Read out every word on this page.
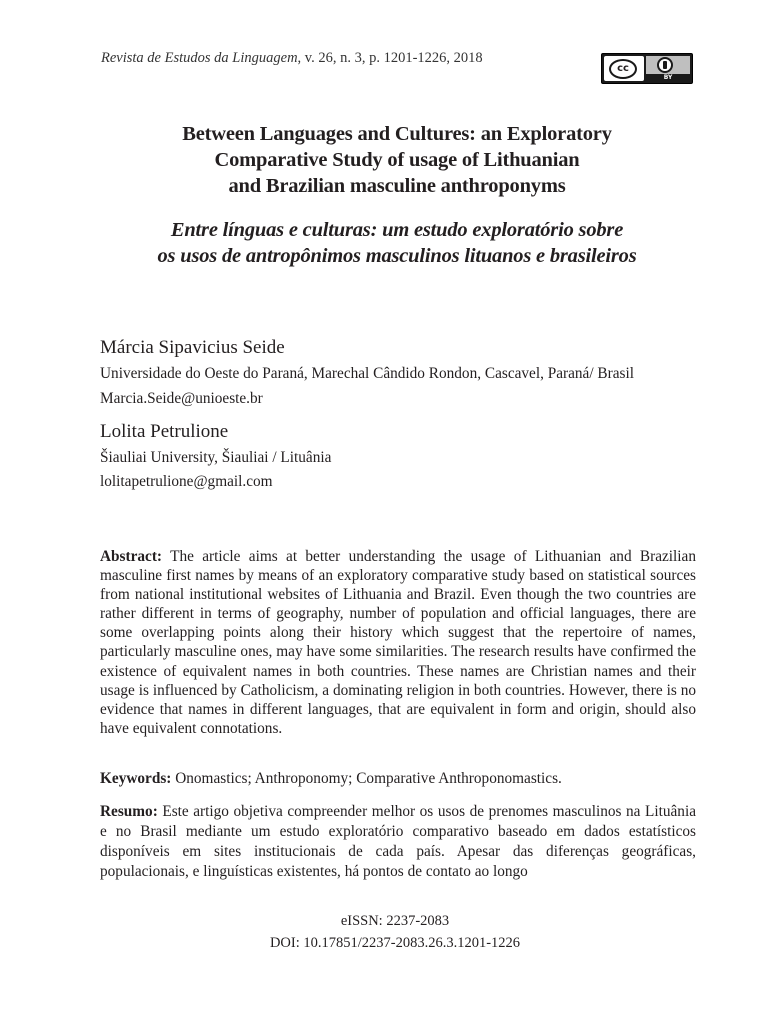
Revista de Estudos da Linguagem, v. 26, n. 3, p. 1201-1226, 2018
cc
BY
Between Languages and Cultures: an Exploratory
Comparative Study of usage of Lithuanian
and Brazilian masculine anthroponyms
Entre línguas e culturas: um estudo exploratório sobre
os usos de antropônimos masculinos lituanos e brasileiros

Márcia Sipavicius Seide

Universidade do Oeste do Paraná, Marechal Cândido Rondon, Cascavel, Paraná/ Brasil

Marcia.Seide@unioeste.br

Lolita Petrulione

Šiauliai University, Šiauliai / Lituânia

lolitapetrulione@gmail.com

Abstract: The article aims at better understanding the usage of Lithuanian and Brazilian masculine first names by means of an exploratory comparative study based on statistical sources from national institutional websites of Lithuania and Brazil. Even though the two countries are rather different in terms of geography, number of population and official languages, there are some overlapping points along their history which suggest that the repertoire of names, particularly masculine ones, may have some similarities. The research results have confirmed the existence of equivalent names in both countries. These names are Christian names and their usage is influenced by Catholicism, a dominating religion in both countries. However, there is no evidence that names in different languages, that are equivalent in form and origin, should also have equivalent connotations.

Keywords: Onomastics; Anthroponomy; Comparative Anthroponomastics.

Resumo: Este artigo objetiva compreender melhor os usos de prenomes masculinos na Lituânia e no Brasil mediante um estudo exploratório comparativo baseado em dados estatísticos disponíveis em sites institucionais de cada país. Apesar das diferenças geográficas, populacionais, e linguísticas existentes, há pontos de contato ao longo

eISSN: 2237-2083
DOI: 10.17851/2237-2083.26.3.1201-1226
